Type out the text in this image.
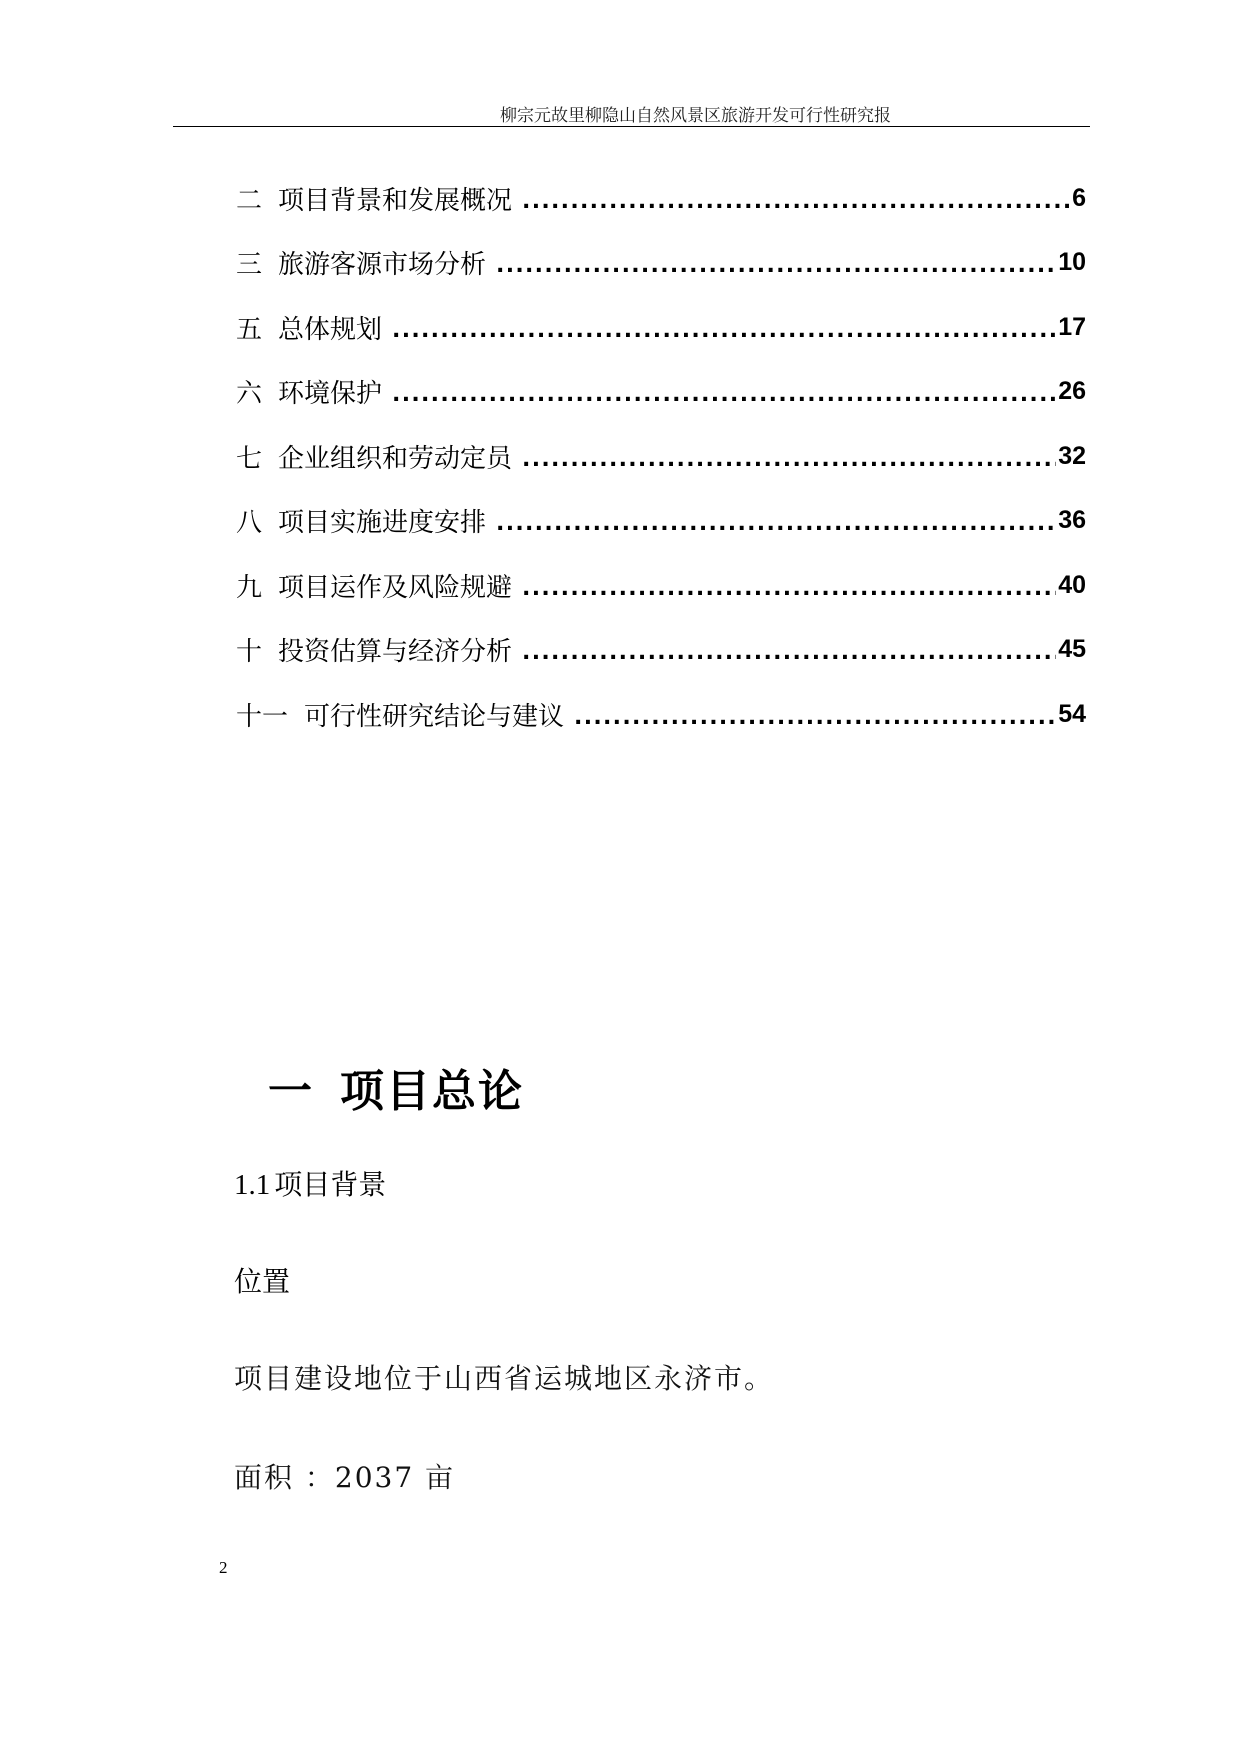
柳宗元故里柳隐山自然风景区旅游开发可行性研究报
二 项目背景和发展概况 .....	6
三 旅游客源市场分析 .....	10
五 总体规划 .....	17
六 环境保护 .....	26
七 企业组织和劳动定员 .....	32
八 项目实施进度安排 .....	36
九 项目运作及风险规避 .....	40
十 投资估算与经济分析 .....	45
十一 可行性研究结论与建议 .....	54
一 项目总论
1.1 项目背景
位置
项目建设地位于山西省运城地区永济市。
面积 ：2037 亩
2
